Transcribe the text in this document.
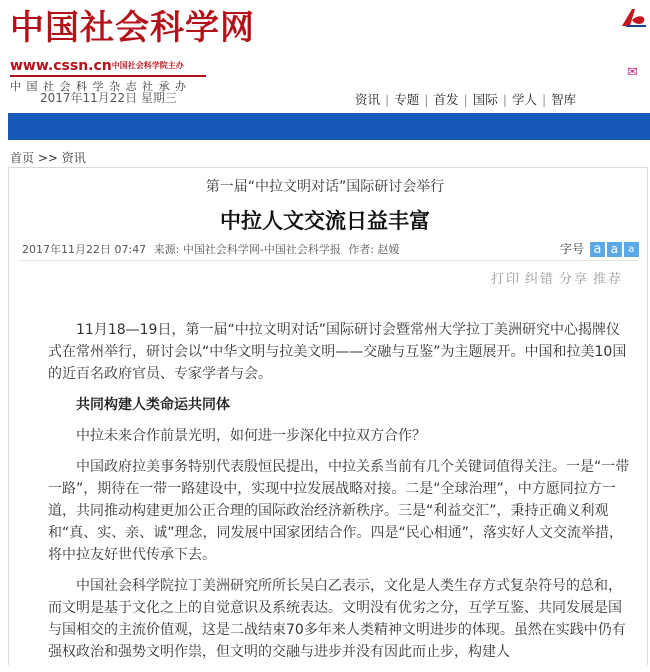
中国社会科学网
www.cssn.cn中国社会科学院主办
中 国 社 会 科 学 杂 志 社 承 办
✉
2017年11月22日 星期三	资讯 | 专题 | 首发 | 国际 | 学人 | 智库
首页 >> 资讯
第一届“中拉文明对话”国际研讨会举行
中拉人文交流日益丰富
2017年11月22日 07:47 来源: 中国社会科学网-中国社会科学报 作者: 赵嫒	字号 a a a
打印 纠错 分享 推荐

11月18—19日，第一届“中拉文明对话”国际研讨会暨常州大学拉丁美洲研究中心揭牌仪式在常州举行，研讨会以“中华文明与拉美文明——交融与互鉴”为主题展开。中国和拉美10国的近百名政府官员、专家学者与会。

共同构建人类命运共同体

中拉未来合作前景光明，如何进一步深化中拉双方合作？

中国政府拉美事务特别代表殷恒民提出，中拉关系当前有几个关键词值得关注。一是“一带一路”，期待在一带一路建设中，实现中拉发展战略对接。二是“全球治理”，中方愿同拉方一道，共同推动构建更加公正合理的国际政治经济新秩序。三是“利益交汇”，秉持正确义利观和“真、实、亲、诚”理念，同发展中国家团结合作。四是“民心相通”，落实好人文交流举措，将中拉友好世代传承下去。

中国社会科学院拉丁美洲研究所所长吴白乙表示，文化是人类生存方式复杂符号的总和，而文明是基于文化之上的自觉意识及系统表达。文明没有优劣之分，互学互鉴、共同发展是国与国相交的主流价值观，这是二战结束70多年来人类精神文明进步的体现。虽然在实践中仍有强权政治和强势文明作祟，但文明的交融与进步并没有因此而止步，构建人
